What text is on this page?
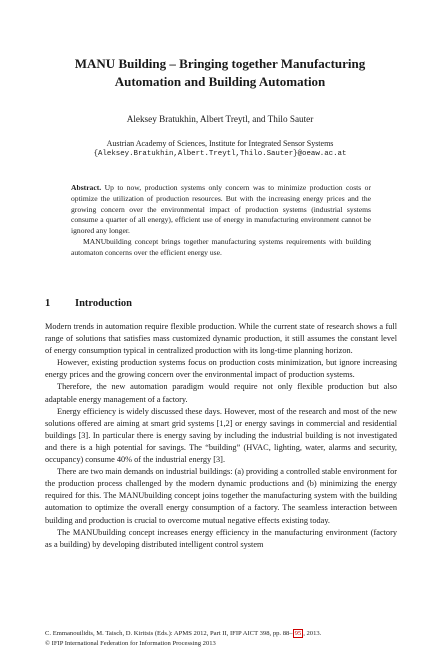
MANU Building – Bringing together Manufacturing
Automation and Building Automation
Aleksey Bratukhin, Albert Treytl, and Thilo Sauter
Austrian Academy of Sciences, Institute for Integrated Sensor Systems
{Aleksey.Bratukhin,Albert.Treytl,Thilo.Sauter}@oeaw.ac.at

Abstract. Up to now, production systems only concern was to minimize production costs or optimize the utilization of production resources. But with the increasing energy prices and the growing concern over the environmental impact of production systems (industrial systems consume a quarter of all energy), efficient use of energy in manufacturing environment cannot be ignored any longer.

MANUbuilding concept brings together manufacturing systems requirements with building automaton concerns over the efficient energy use.

1 Introduction

Modern trends in automation require flexible production. While the current state of research shows a full range of solutions that satisfies mass customized dynamic production, it still assumes the constant level of energy consumption typical in centralized production with its long-time planning horizon.

However, existing production systems focus on production costs minimization, but ignore increasing energy prices and the growing concern over the environmental impact of production systems.

Therefore, the new automation paradigm would require not only flexible production but also adaptable energy management of a factory.

Energy efficiency is widely discussed these days. However, most of the research and most of the new solutions offered are aiming at smart grid systems [1,2] or energy savings in commercial and residential buildings [3]. In particular there is energy saving by including the industrial building is not investigated and there is a high potential for savings. The “building” (HVAC, lighting, water, alarms and security, occupancy) consume 40% of the industrial energy [3].

There are two main demands on industrial buildings: (a) providing a controlled stable environment for the production process challenged by the modern dynamic productions and (b) minimizing the energy required for this. The MANUbuilding concept joins together the manufacturing system with the building automation to optimize the overall energy consumption of a factory. The seamless interaction between building and production is crucial to overcome mutual negative effects existing today.

The MANUbuilding concept increases energy efficiency in the manufacturing environment (factory as a building) by developing distributed intelligent control system

C. Emmanouilidis, M. Taisch, D. Kiritsis (Eds.): APMS 2012, Part II, IFIP AICT 398, pp. 88– 95 , 2013.
© IFIP International Federation for Information Processing 2013
